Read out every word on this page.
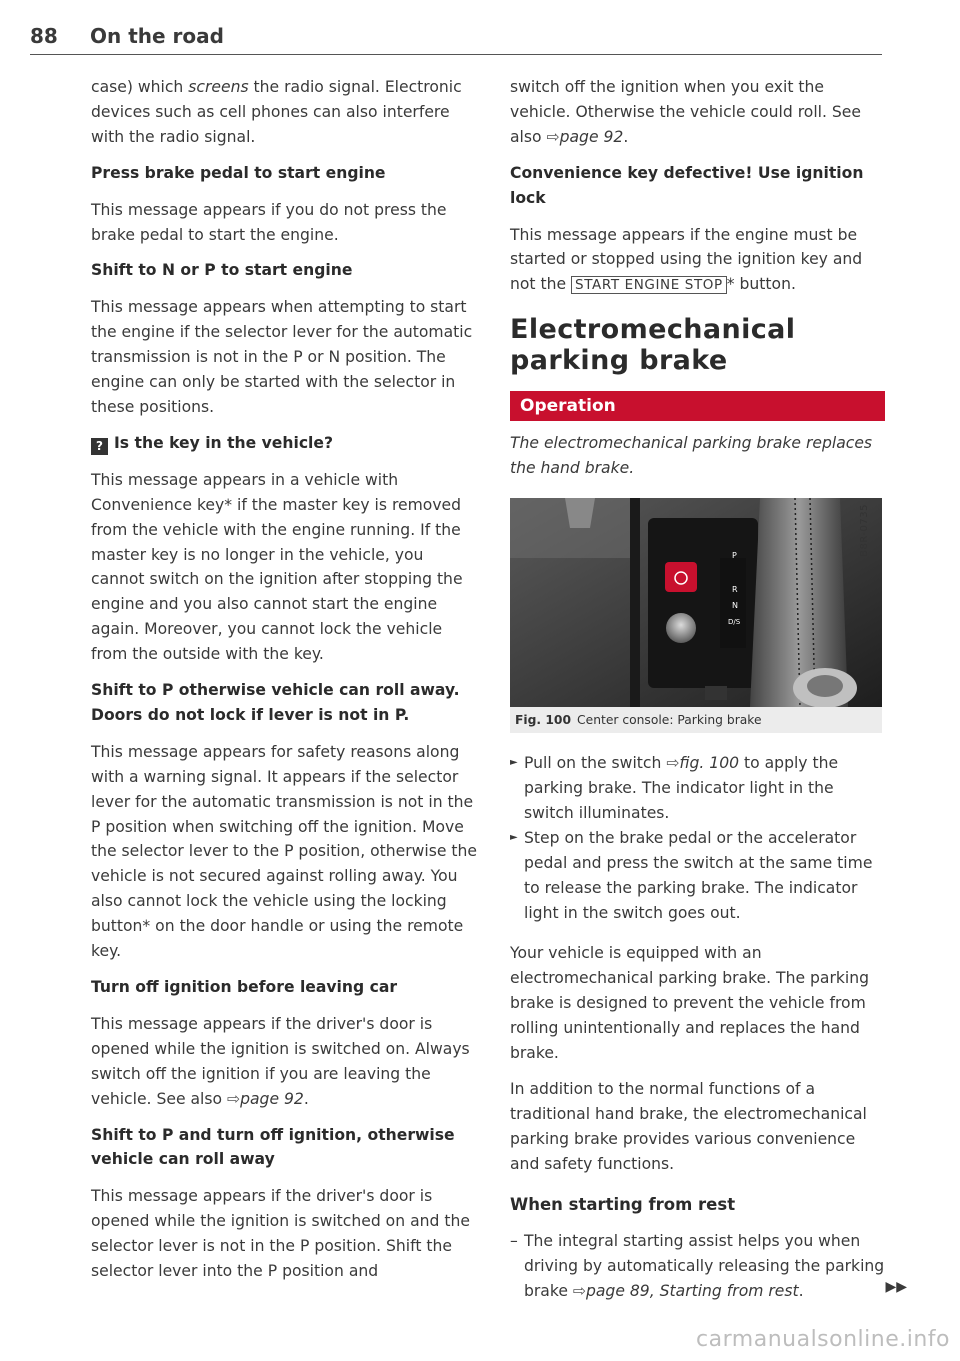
88 On the road

case) which screens the radio signal. Electronic devices such as cell phones can also interfere with the radio signal.

Press brake pedal to start engine

This message appears if you do not press the brake pedal to start the engine.

Shift to N or P to start engine

This message appears when attempting to start the engine if the selector lever for the automatic transmission is not in the P or N position. The engine can only be started with the selector in these positions.

? Is the key in the vehicle?

This message appears in a vehicle with Convenience key* if the master key is removed from the vehicle with the engine running. If the master key is no longer in the vehicle, you cannot switch on the ignition after stopping the engine and you also cannot start the engine again. Moreover, you cannot lock the vehicle from the outside with the key.

Shift to P otherwise vehicle can roll away. Doors do not lock if lever is not in P.

This message appears for safety reasons along with a warning signal. It appears if the selector lever for the automatic transmission is not in the P position when switching off the ignition. Move the selector lever to the P position, otherwise the vehicle is not secured against rolling away. You also cannot lock the vehicle using the locking button* on the door handle or using the remote key.

Turn off ignition before leaving car

This message appears if the driver's door is opened while the ignition is switched on. Always switch off the ignition if you are leaving the vehicle. See also ⇨page 92.

Shift to P and turn off ignition, otherwise vehicle can roll away

This message appears if the driver's door is opened while the ignition is switched on and the selector lever is not in the P position. Shift the selector lever into the P position and

switch off the ignition when you exit the vehicle. Otherwise the vehicle could roll. See also ⇨page 92.

Convenience key defective! Use ignition lock

This message appears if the engine must be started or stopped using the ignition key and not the START ENGINE STOP * button.

Electromechanical parking brake
Operation

The electromechanical parking brake replaces the hand brake.

P
R
N
D/S
B8R-0735
Fig. 100 Center console: Parking brake

► Pull on the switch ⇨fig. 100 to apply the parking brake. The indicator light in the switch illuminates.

► Step on the brake pedal or the accelerator pedal and press the switch at the same time to release the parking brake. The indicator light in the switch goes out.

Your vehicle is equipped with an electromechanical parking brake. The parking brake is designed to prevent the vehicle from rolling unintentionally and replaces the hand brake.

In addition to the normal functions of a traditional hand brake, the electromechanical parking brake provides various convenience and safety functions.

When starting from rest

– The integral starting assist helps you when driving by automatically releasing the parking brake ⇨page 89, Starting from rest.	▶▶

carmanualsonline.info
